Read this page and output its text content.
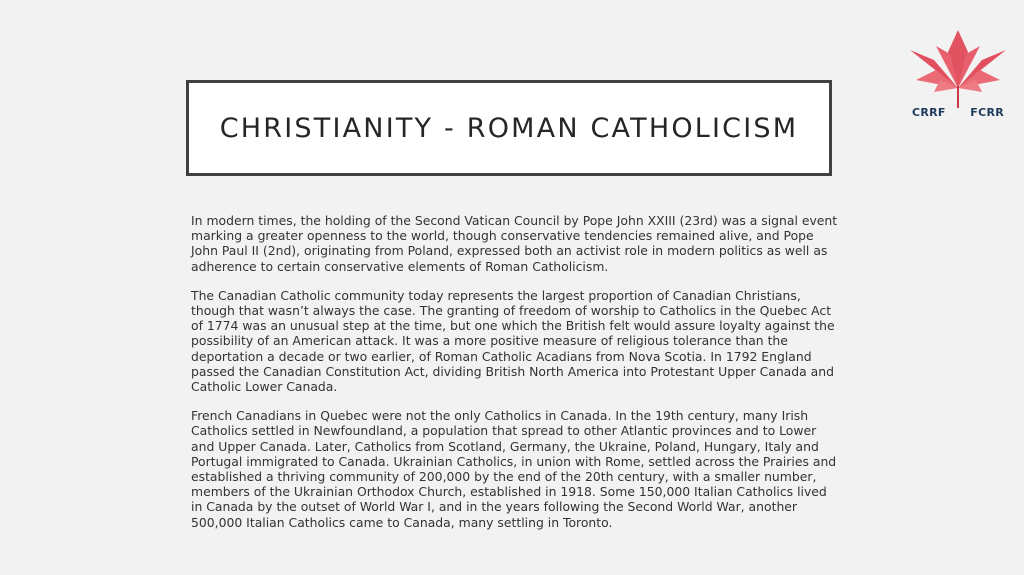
CRRF FCRR
CHRISTIANITY - ROMAN CATHOLICISM

In modern times, the holding of the Second Vatican Council by Pope John XXIII (23rd) was a signal event marking a greater openness to the world, though conservative tendencies remained alive, and Pope John Paul II (2nd), originating from Poland, expressed both an activist role in modern politics as well as adherence to certain conservative elements of Roman Catholicism.

The Canadian Catholic community today represents the largest proportion of Canadian Christians, though that wasn’t always the case. The granting of freedom of worship to Catholics in the Quebec Act of 1774 was an unusual step at the time, but one which the British felt would assure loyalty against the possibility of an American attack. It was a more positive measure of religious tolerance than the deportation a decade or two earlier, of Roman Catholic Acadians from Nova Scotia. In 1792 England passed the Canadian Constitution Act, dividing British North America into Protestant Upper Canada and Catholic Lower Canada.

French Canadians in Quebec were not the only Catholics in Canada. In the 19th century, many Irish Catholics settled in Newfoundland, a population that spread to other Atlantic provinces and to Lower and Upper Canada. Later, Catholics from Scotland, Germany, the Ukraine, Poland, Hungary, Italy and Portugal immigrated to Canada. Ukrainian Catholics, in union with Rome, settled across the Prairies and established a thriving community of 200,000 by the end of the 20th century, with a smaller number, members of the Ukrainian Orthodox Church, established in 1918. Some 150,000 Italian Catholics lived in Canada by the outset of World War I, and in the years following the Second World War, another 500,000 Italian Catholics came to Canada, many settling in Toronto.
